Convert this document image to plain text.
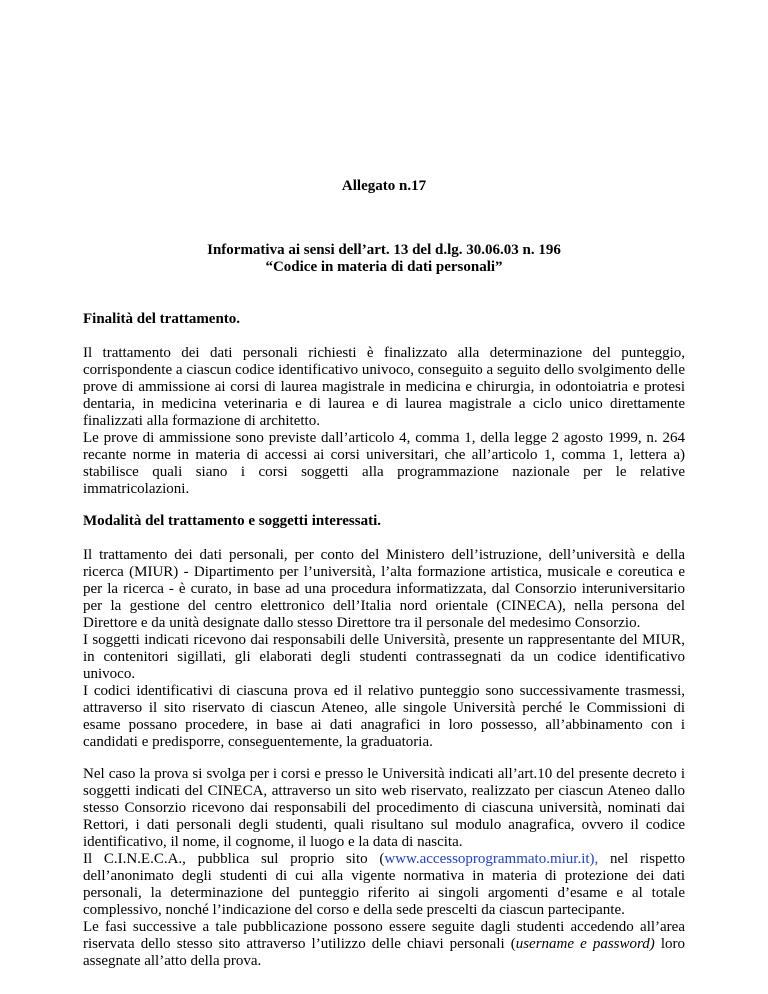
Allegato n.17
Informativa ai sensi dell’art. 13 del d.lg. 30.06.03 n. 196
“Codice in materia di dati personali”
Finalità del trattamento.

Il trattamento dei dati personali richiesti è finalizzato alla determinazione del punteggio, corrispondente a ciascun codice identificativo univoco, conseguito a seguito dello svolgimento delle prove di ammissione ai corsi di laurea magistrale in medicina e chirurgia, in odontoiatria e protesi dentaria, in medicina veterinaria e di laurea e di laurea magistrale a ciclo unico direttamente finalizzati alla formazione di architetto.

Le prove di ammissione sono previste dall’articolo 4, comma 1, della legge 2 agosto 1999, n. 264 recante norme in materia di accessi ai corsi universitari, che all’articolo 1, comma 1, lettera a) stabilisce quali siano i corsi soggetti alla programmazione nazionale per le relative immatricolazioni.

Modalità del trattamento e soggetti interessati.

Il trattamento dei dati personali, per conto del Ministero dell’istruzione, dell’università e della ricerca (MIUR) - Dipartimento per l’università, l’alta formazione artistica, musicale e coreutica e per la ricerca - è curato, in base ad una procedura informatizzata, dal Consorzio interuniversitario per la gestione del centro elettronico dell’Italia nord orientale (CINECA), nella persona del Direttore e da unità designate dallo stesso Direttore tra il personale del medesimo Consorzio.

I soggetti indicati ricevono dai responsabili delle Università, presente un rappresentante del MIUR, in contenitori sigillati, gli elaborati degli studenti contrassegnati da un codice identificativo univoco.

I codici identificativi di ciascuna prova ed il relativo punteggio sono successivamente trasmessi, attraverso il sito riservato di ciascun Ateneo, alle singole Università perché le Commissioni di esame possano procedere, in base ai dati anagrafici in loro possesso, all’abbinamento con i candidati e predisporre, conseguentemente, la graduatoria.

Nel caso la prova si svolga per i corsi e presso le Università indicati all’art.10 del presente decreto i soggetti indicati del CINECA, attraverso un sito web riservato, realizzato per ciascun Ateneo dallo stesso Consorzio ricevono dai responsabili del procedimento di ciascuna università, nominati dai Rettori, i dati personali degli studenti, quali risultano sul modulo anagrafica, ovvero il codice identificativo, il nome, il cognome, il luogo e la data di nascita.

Il C.I.N.E.C.A., pubblica sul proprio sito (www.accessoprogrammato.miur.it), nel rispetto dell’anonimato degli studenti di cui alla vigente normativa in materia di protezione dei dati personali, la determinazione del punteggio riferito ai singoli argomenti d’esame e al totale complessivo, nonché l’indicazione del corso e della sede prescelti da ciascun partecipante.

Le fasi successive a tale pubblicazione possono essere seguite dagli studenti accedendo all’area riservata dello stesso sito attraverso l’utilizzo delle chiavi personali (username e password) loro assegnate all’atto della prova.
